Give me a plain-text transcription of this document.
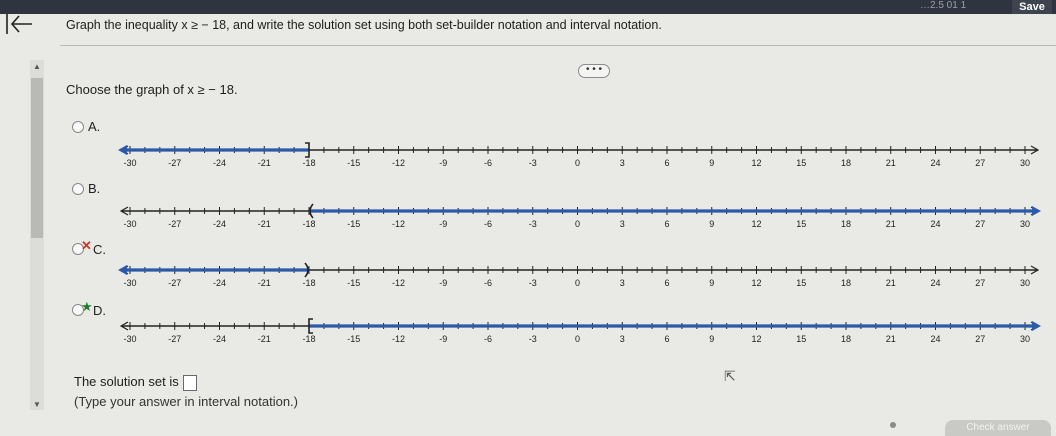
…2.5 01 1	Save
Graph the inequality x ≥ − 18, and write the solution set using both set-builder notation and interval notation.
• • •
▲
▼
Choose the graph of x ≥ − 18.
A.
-30	-27	-24	-21	-18	-15	-12	-9	-6	-3	0	3	6	9	12	15	18	21	24	27	30
B.
-30	-27	-24	-21	-18	-15	-12	-9	-6	-3	0	3	6	9	12	15	18	21	24	27	30
✕ C.
-30	-27	-24	-21	-18	-15	-12	-9	-6	-3	0	3	6	9	12	15	18	21	24	27	30
★ D.
-30	-27	-24	-21	-18	-15	-12	-9	-6	-3	0	3	6	9	12	15	18	21	24	27	30
The solution set is
(Type your answer in interval notation.)
⇱
Check answer
